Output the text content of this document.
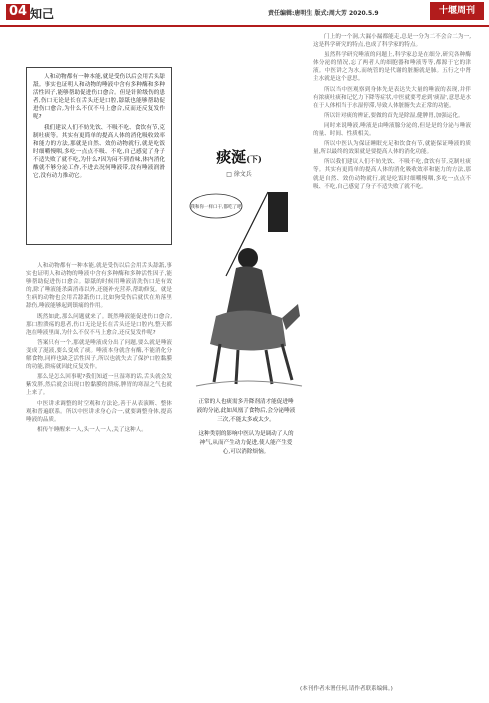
04 知己	责任编辑:唐明生 版式:周大芳 2020.5.9	十堰周刊

人和动物都有一种本能,就是受伤以后会用舌头舔舐。事实也证明人和动物的唾液中含有多种酶和多种活性因子,能够帮助促进伤口愈合。但是针阶级伤的患者,伤口无论是长在舌头还是口腔,舔舐也能够帮助促进伤口愈合,为什么不仅不马上愈合,反而还反复发作呢?

我们建议人们不妨先饮、不吸不吃、食饮有节,克制吐痰等。其实有更简单的提高人体的消化吸收效率和能力的方法,那就是自然、效仿动物就行,就是吃饭时细嚼慢咽,多吃一点点不吸、不吃,自己感觉了身子不适失败了就不吃,为什么?因为闷不到香味,体内消化酸就不够分泌工作,不进去况何唾液带,没有唾液润滑它,没有动力推动它。

人和动物都有一种本能,就是受伤以后会用舌头舔舐,事实也证明人和动物的唾液中含有多种酶和多种活性因子,能够帮助促进伤口愈合。舔舐的时候用唾液清洗伤口是有效的,除了唾液能杀菌消毒以外,还能补充营养,帮助修复。就是生病的动物也会用舌舔舐伤口,比如狗受伤后就伏在角落里舔伤,唾液能够起到镇痛的作用。

既然如此,那么问题就来了。既然唾液能促进伤口愈合,那口腔溃疡的患者,伤口无论是长在舌头还是口腔内,整天都泡在唾液里面,为什么不仅不马上愈合,还反复发作呢?

答案只有一个,那就是唾液成分出了问题,要么就是唾液变成了涎液,要么变成了痰。唾液本身就含有酶,不能消化分解食物,同样也缺乏活性因子,所以也就失去了保护口腔黏膜的功能,溃疡就因此反复发作。

那么是怎么回事呢?我们知道一旦湿寒的话,舌头就会发紫发胖,然后就会出现口腔黏膜的溃疡,脾胃的寒湿之气也就上来了。

中医讲求调整的时空观和方法论,善于从表演断、整体观和普遍联系。所以中医讲求身心合一,就要调整身体,提高唾液的品质。

相传午睡醒来一人,头一人一人,关了这种人。

痰涎(下)
□ 徐文兵
我和你一样口干,都吃了吧

正常的人也痰需多升降剂清才能促进唾液的分泌,此如凤凰了食物后,会分泌唾液三次,不能太多或太少。

这种类别的影响中医认为是调动了人的神气,从而产生动力促进,使人能产生爱心,可以消除烦恼。

门上的一个洞,大漏小漏都能走,总是一分为二不会合二为一,这是科学研究的特点,也成了科学家的特点。

虽然科学研究唾液的问题上,科学家总是在细分,研究各种酶体分泌的情况,忘了两者人的细胞器和唾液等等,都源于它的津液。中医讲之为水,而统管的是代谢的脏腑就是肺。五行之中肾主水就是这个意思。

所以当中医观察到身体先是表达失大量的唾液的表现,并伴有浓痰吐痰和记忆力下降等症状,中医就要考虑到'痰湿',意思是水在于人体相当于水湿停滞,导致人体脏腑失去正常的功能。

所以针对痰的辨证,要做的首先是除湿,健脾胃,加强运化。

同时来说唾液,唾液是由唾液腺分泌的,但是是的分泌与唾液的量、时间、性质相关。

所以中医认为保证睡眠充足和饮食有节,就能保证唾液的质量,所以最终的效果就是要提高人体的消化功能。

所以我们建议人们不妨先饮、不吸不吃,食饮有节,克制吐痰等。其实有更简单的提高人体的消化吸收效率和能力的方法,那就是自然、效仿动物就行,就是吃饭时细嚼慢咽,多吃一点点不吸、不吃,自己感觉了身子不适失败了就不吃。

(本刊作者未署任何,请作者联系编辑。)
